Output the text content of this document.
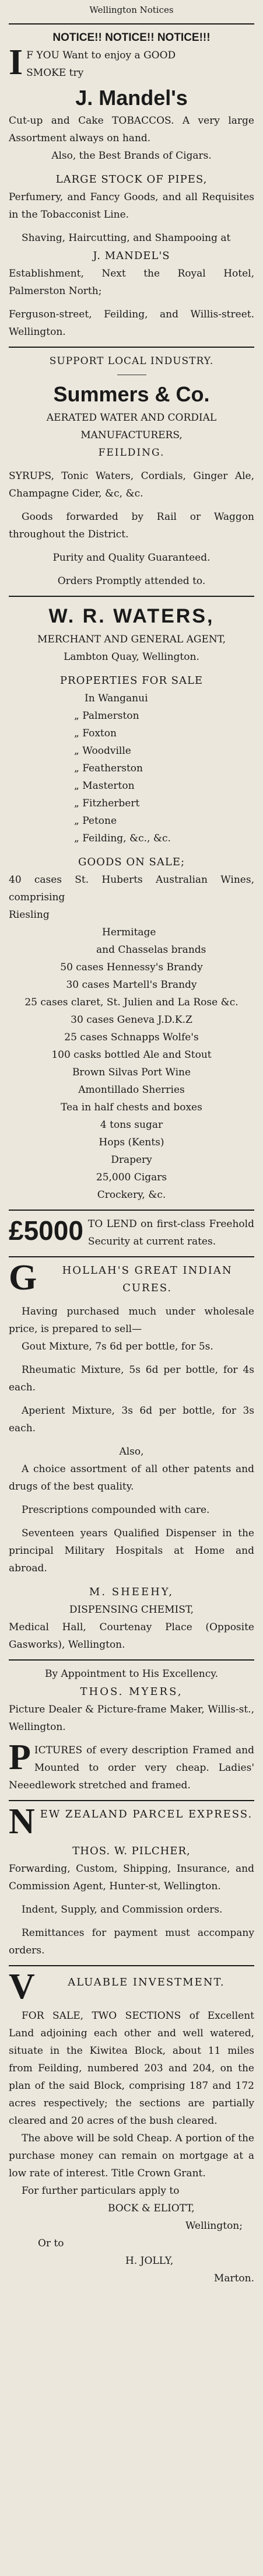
Wellington Notices

NOTICE!! NOTICE!! NOTICE!!!

I F YOU Want to enjoy a GOOD

SMOKE try

J. Mandel's

Cut-up and Cake TOBACCOS. A very large Assortment always on hand.

Also, the Best Brands of Cigars.

LARGE STOCK OF PIPES,

Perfumery, and Fancy Goods, and all Requisites in the Tobacconist Line.

Shaving, Haircutting, and Shampooing at

J. MANDEL'S

Establishment, Next the Royal Hotel, Palmerston North;

Ferguson-street, Feilding, and Willis-street. Wellington.

SUPPORT LOCAL INDUSTRY.

Summers & Co.

AERATED WATER AND CORDIAL MANUFACTURERS,

FEILDING.

SYRUPS, Tonic Waters, Cordials, Ginger Ale, Champagne Cider, &c, &c.

Goods forwarded by Rail or Waggon throughout the District.

Purity and Quality Guaranteed.

Orders Promptly attended to.

W. R. WATERS,

MERCHANT AND GENERAL AGENT,

Lambton Quay, Wellington.

PROPERTIES FOR SALE

In Wanganui

„ Palmerston

„ Foxton

„ Woodville

„ Featherston

„ Masterton

„ Fitzherbert

„ Petone

„ Feilding, &c., &c.

GOODS ON SALE;

40 cases St. Huberts Australian Wines, comprising

Riesling

Hermitage

and Chasselas brands

50 cases Hennessy's Brandy

30 cases Martell's Brandy

25 cases claret, St. Julien and La Rose &c.

30 cases Geneva J.D.K.Z

25 cases Schnapps Wolfe's

100 casks bottled Ale and Stout

Brown Silvas Port Wine

Amontillado Sherries

Tea in half chests and boxes

4 tons sugar

Hops (Kents)

Drapery

25,000 Cigars

Crockery, &c.

£5000 TO LEND on first-class Freehold Security at current rates.

G	HOLLAH'S GREAT INDIAN CURES.

Having purchased much under wholesale price, is prepared to sell—

Gout Mixture, 7s 6d per bottle, for 5s.

Rheumatic Mixture, 5s 6d per bottle, for 4s each.

Aperient Mixture, 3s 6d per bottle, for 3s each.

Also,

A choice assortment of all other patents and drugs of the best quality.

Prescriptions compounded with care.

Seventeen years Qualified Dispenser in the principal Military Hospitals at Home and abroad.

M. SHEEHY,

DISPENSING CHEMIST,

Medical Hall, Courtenay Place (Opposite Gasworks), Wellington.

By Appointment to His Excellency.

THOS. MYERS,

Picture Dealer & Picture-frame Maker, Willis-st., Wellington.

P ICTURES of every description Framed and Mounted to order very cheap. Ladies' Neeedlework stretched and framed.

N EW ZEALAND PARCEL EXPRESS.

THOS. W. PILCHER,

Forwarding, Custom, Shipping, Insurance, and Commission Agent, Hunter-st, Wellington.

Indent, Supply, and Commission orders.

Remittances for payment must accompany orders.

V	ALUABLE INVESTMENT.

FOR SALE, TWO SECTIONS of Excellent Land adjoining each other and well watered, situate in the Kiwitea Block, about 11 miles from Feilding, numbered 203 and 204, on the plan of the said Block, comprising 187 and 172 acres respectively; the sections are partially cleared and 20 acres of the bush cleared.

The above will be sold Cheap. A portion of the purchase money can remain on mortgage at a low rate of interest. Title Crown Grant.

For further particulars apply to

BOCK & ELIOTT,

Wellington;

Or to

H. JOLLY,

Marton.
